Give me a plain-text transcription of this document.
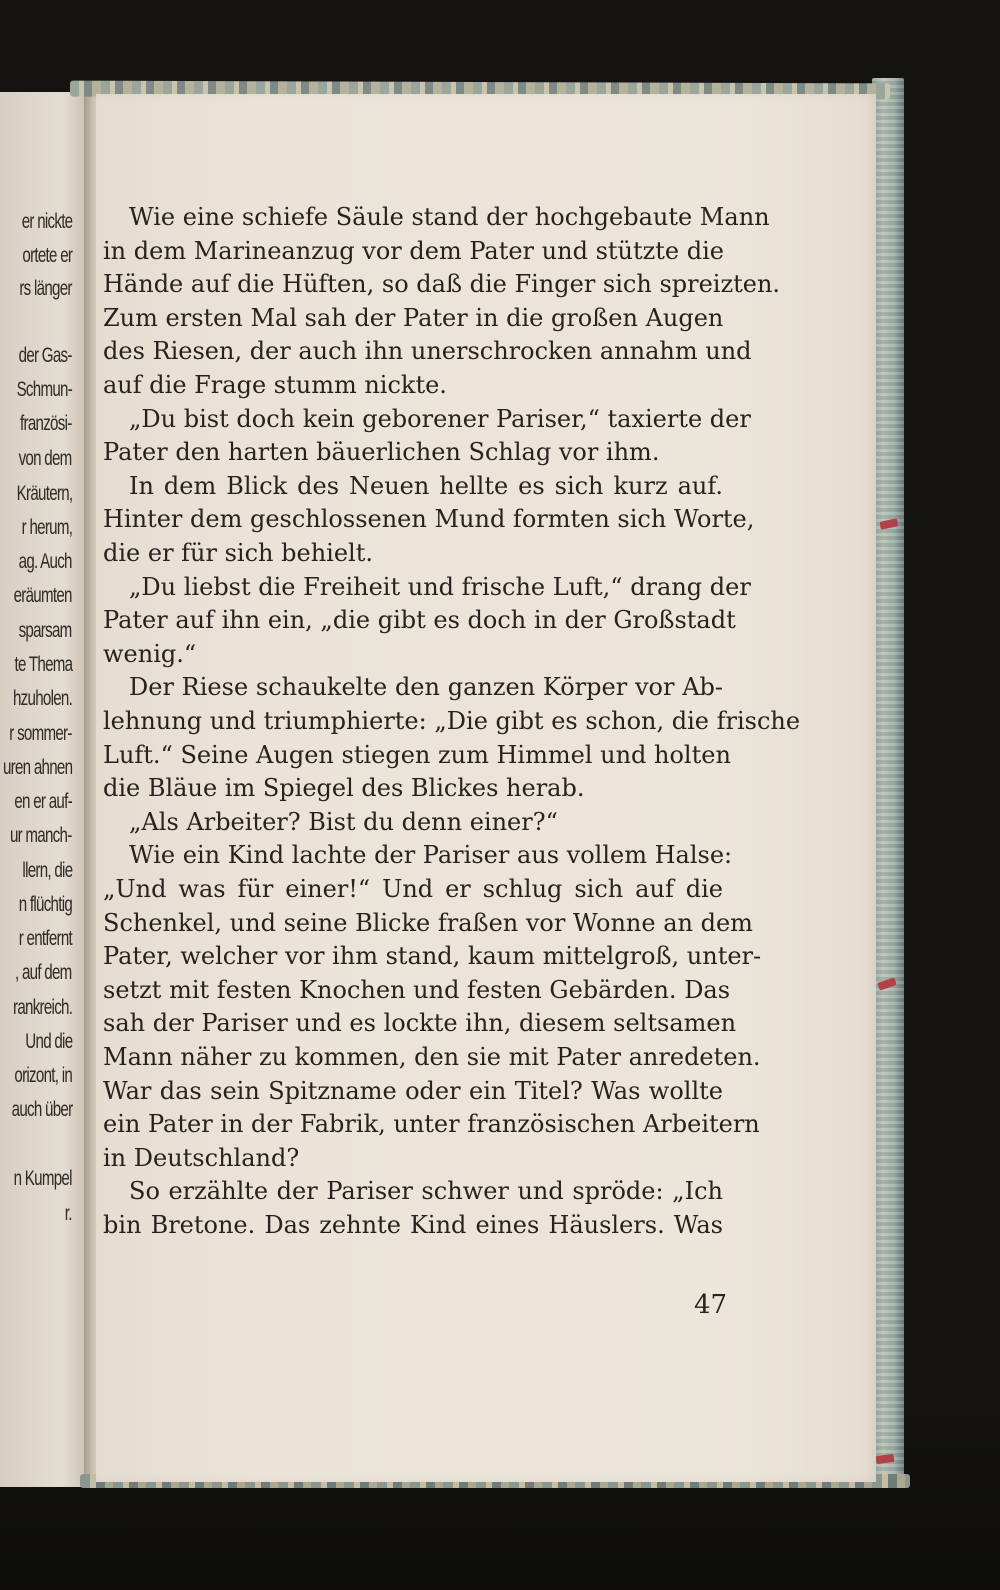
er nickte
ortete er
rs länger
der Gas-
Schmun-
französi-
von dem
Kräutern,
r herum,
ag. Auch
eräumten
sparsam
te Thema
hzuholen.
r sommer-
uren ahnen
en er auf-
ur manch-
llern, die
n flüchtig
r entfernt
, auf dem
rankreich.
Und die
orizont, in
auch über
n Kumpel
r.
Wie eine schiefe Säule stand der hochgebaute Mann
in dem Marineanzug vor dem Pater und stützte die
Hände auf die Hüften, so daß die Finger sich spreizten.
Zum ersten Mal sah der Pater in die großen Augen
des Riesen, der auch ihn unerschrocken annahm und
auf die Frage stumm nickte.
„Du bist doch kein geborener Pariser,“ taxierte der
Pater den harten bäuerlichen Schlag vor ihm.
In dem Blick des Neuen hellte es sich kurz auf.
Hinter dem geschlossenen Mund formten sich Worte,
die er für sich behielt.
„Du liebst die Freiheit und frische Luft,“ drang der
Pater auf ihn ein, „die gibt es doch in der Großstadt
wenig.“
Der Riese schaukelte den ganzen Körper vor Ab-
lehnung und triumphierte: „Die gibt es schon, die frische
Luft.“ Seine Augen stiegen zum Himmel und holten
die Bläue im Spiegel des Blickes herab.
„Als Arbeiter? Bist du denn einer?“
Wie ein Kind lachte der Pariser aus vollem Halse:
„Und was für einer!“ Und er schlug sich auf die
Schenkel, und seine Blicke fraßen vor Wonne an dem
Pater, welcher vor ihm stand, kaum mittelgroß, unter-
setzt mit festen Knochen und festen Gebärden. Das
sah der Pariser und es lockte ihn, diesem seltsamen
Mann näher zu kommen, den sie mit Pater anredeten.
War das sein Spitzname oder ein Titel? Was wollte
ein Pater in der Fabrik, unter französischen Arbeitern
in Deutschland?
So erzählte der Pariser schwer und spröde: „Ich
bin Bretone. Das zehnte Kind eines Häuslers. Was
47
